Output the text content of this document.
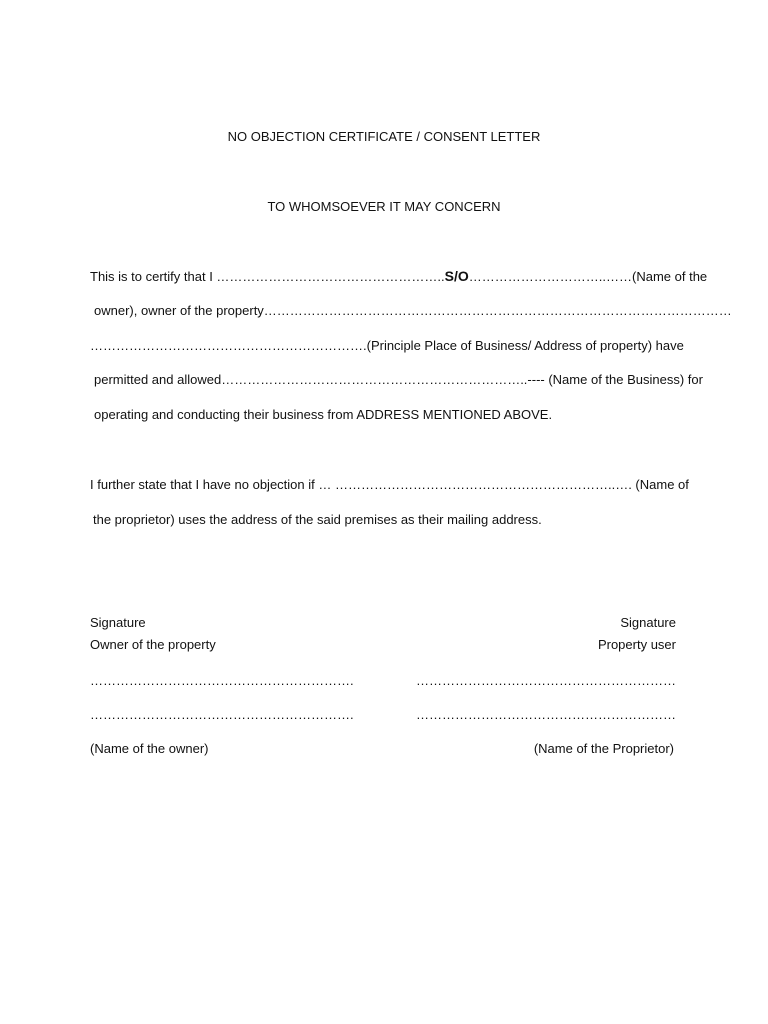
NO OBJECTION CERTIFICATE / CONSENT LETTER
TO WHOMSOEVER IT MAY CONCERN
This is to certify that I ……………………………………………..S/O…………………………..……(Name of the
owner), owner of the property………………………………………………………………………………………………
……………………………………………………….(Principle Place of Business/ Address of property) have
permitted and allowed……………………………………………………………..---- (Name of the Business) for
operating and conducting their business from ADDRESS MENTIONED ABOVE.
I further state that I have no objection if … ………………………………………………………..…. (Name of
the proprietor) uses the address of the said premises as their mailing address.
Signature
Owner of the property
…………………………………………………….
…………………………………………………….
(Name of the owner)
Signature
Property user
……………………………………………………
……………………………………………………
(Name of the Proprietor)
